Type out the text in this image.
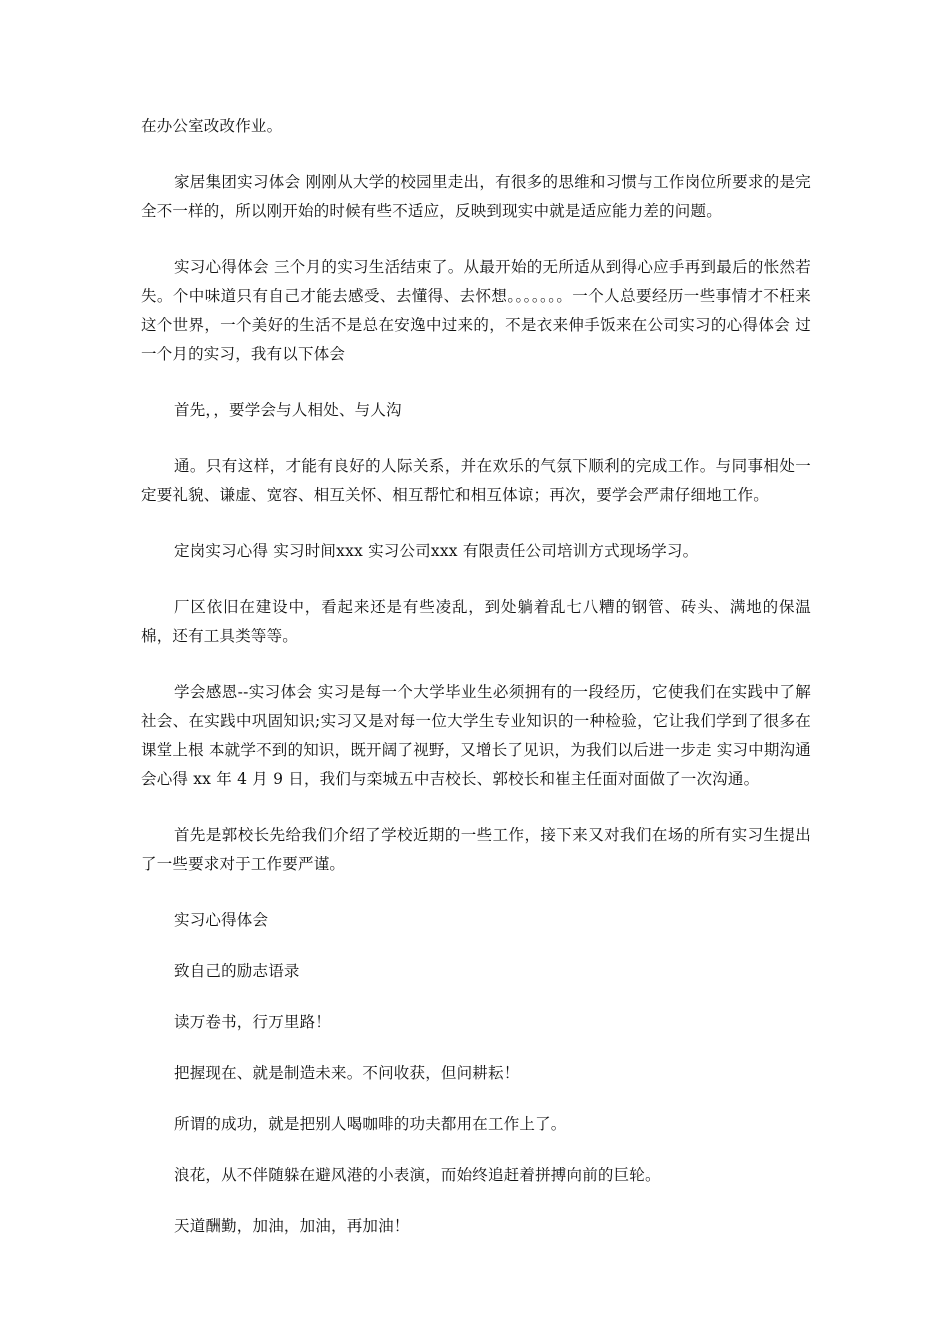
在办公室改改作业。

家居集团实习体会 刚刚从大学的校园里走出，有很多的思维和习惯与工作岗位所要求的是完全不一样的，所以刚开始的时候有些不适应，反映到现实中就是适应能力差的问题。

实习心得体会 三个月的实习生活结束了。从最开始的无所适从到得心应手再到最后的怅然若失。个中味道只有自己才能去感受、去懂得、去怀想。。。。。。。一个人总要经历一些事情才不枉来这个世界，一个美好的生活不是总在安逸中过来的，不是衣来伸手饭来在公司实习的心得体会 过一个月的实习，我有以下体会

首先，，要学会与人相处、与人沟

通。只有这样，才能有良好的人际关系，并在欢乐的气氛下顺利的完成工作。与同事相处一定要礼貌、谦虚、宽容、相互关怀、相互帮忙和相互体谅；再次，要学会严肃仔细地工作。

定岗实习心得 实习时间xxx 实习公司xxx 有限责任公司培训方式现场学习。

厂区依旧在建设中，看起来还是有些凌乱，到处躺着乱七八糟的钢管、砖头、满地的保温棉，还有工具类等等。

学会感恩--实习体会 实习是每一个大学毕业生必须拥有的一段经历，它使我们在实践中了解社会、在实践中巩固知识;实习又是对每一位大学生专业知识的一种检验，它让我们学到了很多在课堂上根 本就学不到的知识，既开阔了视野，又增长了见识，为我们以后进一步走 实习中期沟通会心得 xx 年 4 月 9 日，我们与栾城五中吉校长、郭校长和崔主任面对面做了一次沟通。

首先是郭校长先给我们介绍了学校近期的一些工作，接下来又对我们在场的所有实习生提出了一些要求对于工作要严谨。

实习心得体会

致自己的励志语录

读万卷书，行万里路！

把握现在、就是制造未来。不问收获，但问耕耘！

所谓的成功，就是把别人喝咖啡的功夫都用在工作上了。

浪花，从不伴随躲在避风港的小表演，而始终追赶着拼搏向前的巨轮。

天道酬勤，加油，加油，再加油！
